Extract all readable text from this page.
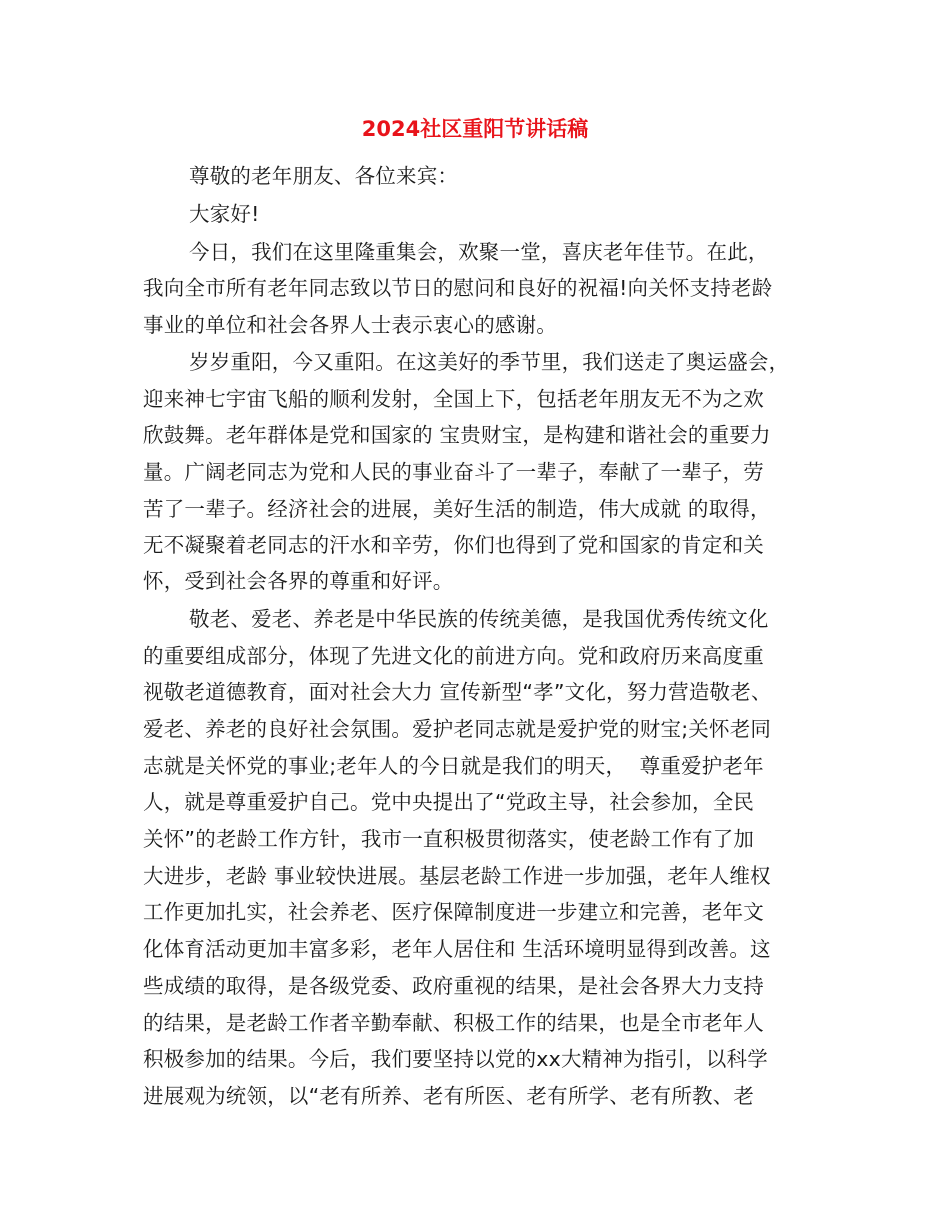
2024社区重阳节讲话稿
尊敬的老年朋友、各位来宾：
大家好!
今日，我们在这里隆重集会，欢聚一堂，喜庆老年佳节。在此，
我向全市所有老年同志致以节日的慰问和良好的祝福!向关怀支持老龄
事业的单位和社会各界人士表示衷心的感谢。
岁岁重阳，今又重阳。在这美好的季节里，我们送走了奥运盛会，
迎来神七宇宙飞船的顺利发射，全国上下，包括老年朋友无不为之欢
欣鼓舞。老年群体是党和国家的 宝贵财宝，是构建和谐社会的重要力
量。广阔老同志为党和人民的事业奋斗了一辈子，奉献了一辈子，劳
苦了一辈子。经济社会的进展，美好生活的制造，伟大成就 的取得，
无不凝聚着老同志的汗水和辛劳，你们也得到了党和国家的肯定和关
怀，受到社会各界的尊重和好评。
敬老、爱老、养老是中华民族的传统美德，是我国优秀传统文化
的重要组成部分，体现了先进文化的前进方向。党和政府历来高度重
视敬老道德教育，面对社会大力 宣传新型“孝”文化，努力营造敬老、
爱老、养老的良好社会氛围。爱护老同志就是爱护党的财宝;关怀老同
志就是关怀党的事业;老年人的今日就是我们的明天，  尊重爱护老年
人，就是尊重爱护自己。党中央提出了“党政主导，社会参加，全民
关怀”的老龄工作方针，我市一直积极贯彻落实，使老龄工作有了加
大进步，老龄 事业较快进展。基层老龄工作进一步加强，老年人维权
工作更加扎实，社会养老、医疗保障制度进一步建立和完善，老年文
化体育活动更加丰富多彩，老年人居住和 生活环境明显得到改善。这
些成绩的取得，是各级党委、政府重视的结果，是社会各界大力支持
的结果，是老龄工作者辛勤奉献、积极工作的结果，也是全市老年人
积极参加的结果。今后，我们要坚持以党的xx大精神为指引，以科学
进展观为统领，以“老有所养、老有所医、老有所学、老有所教、老
